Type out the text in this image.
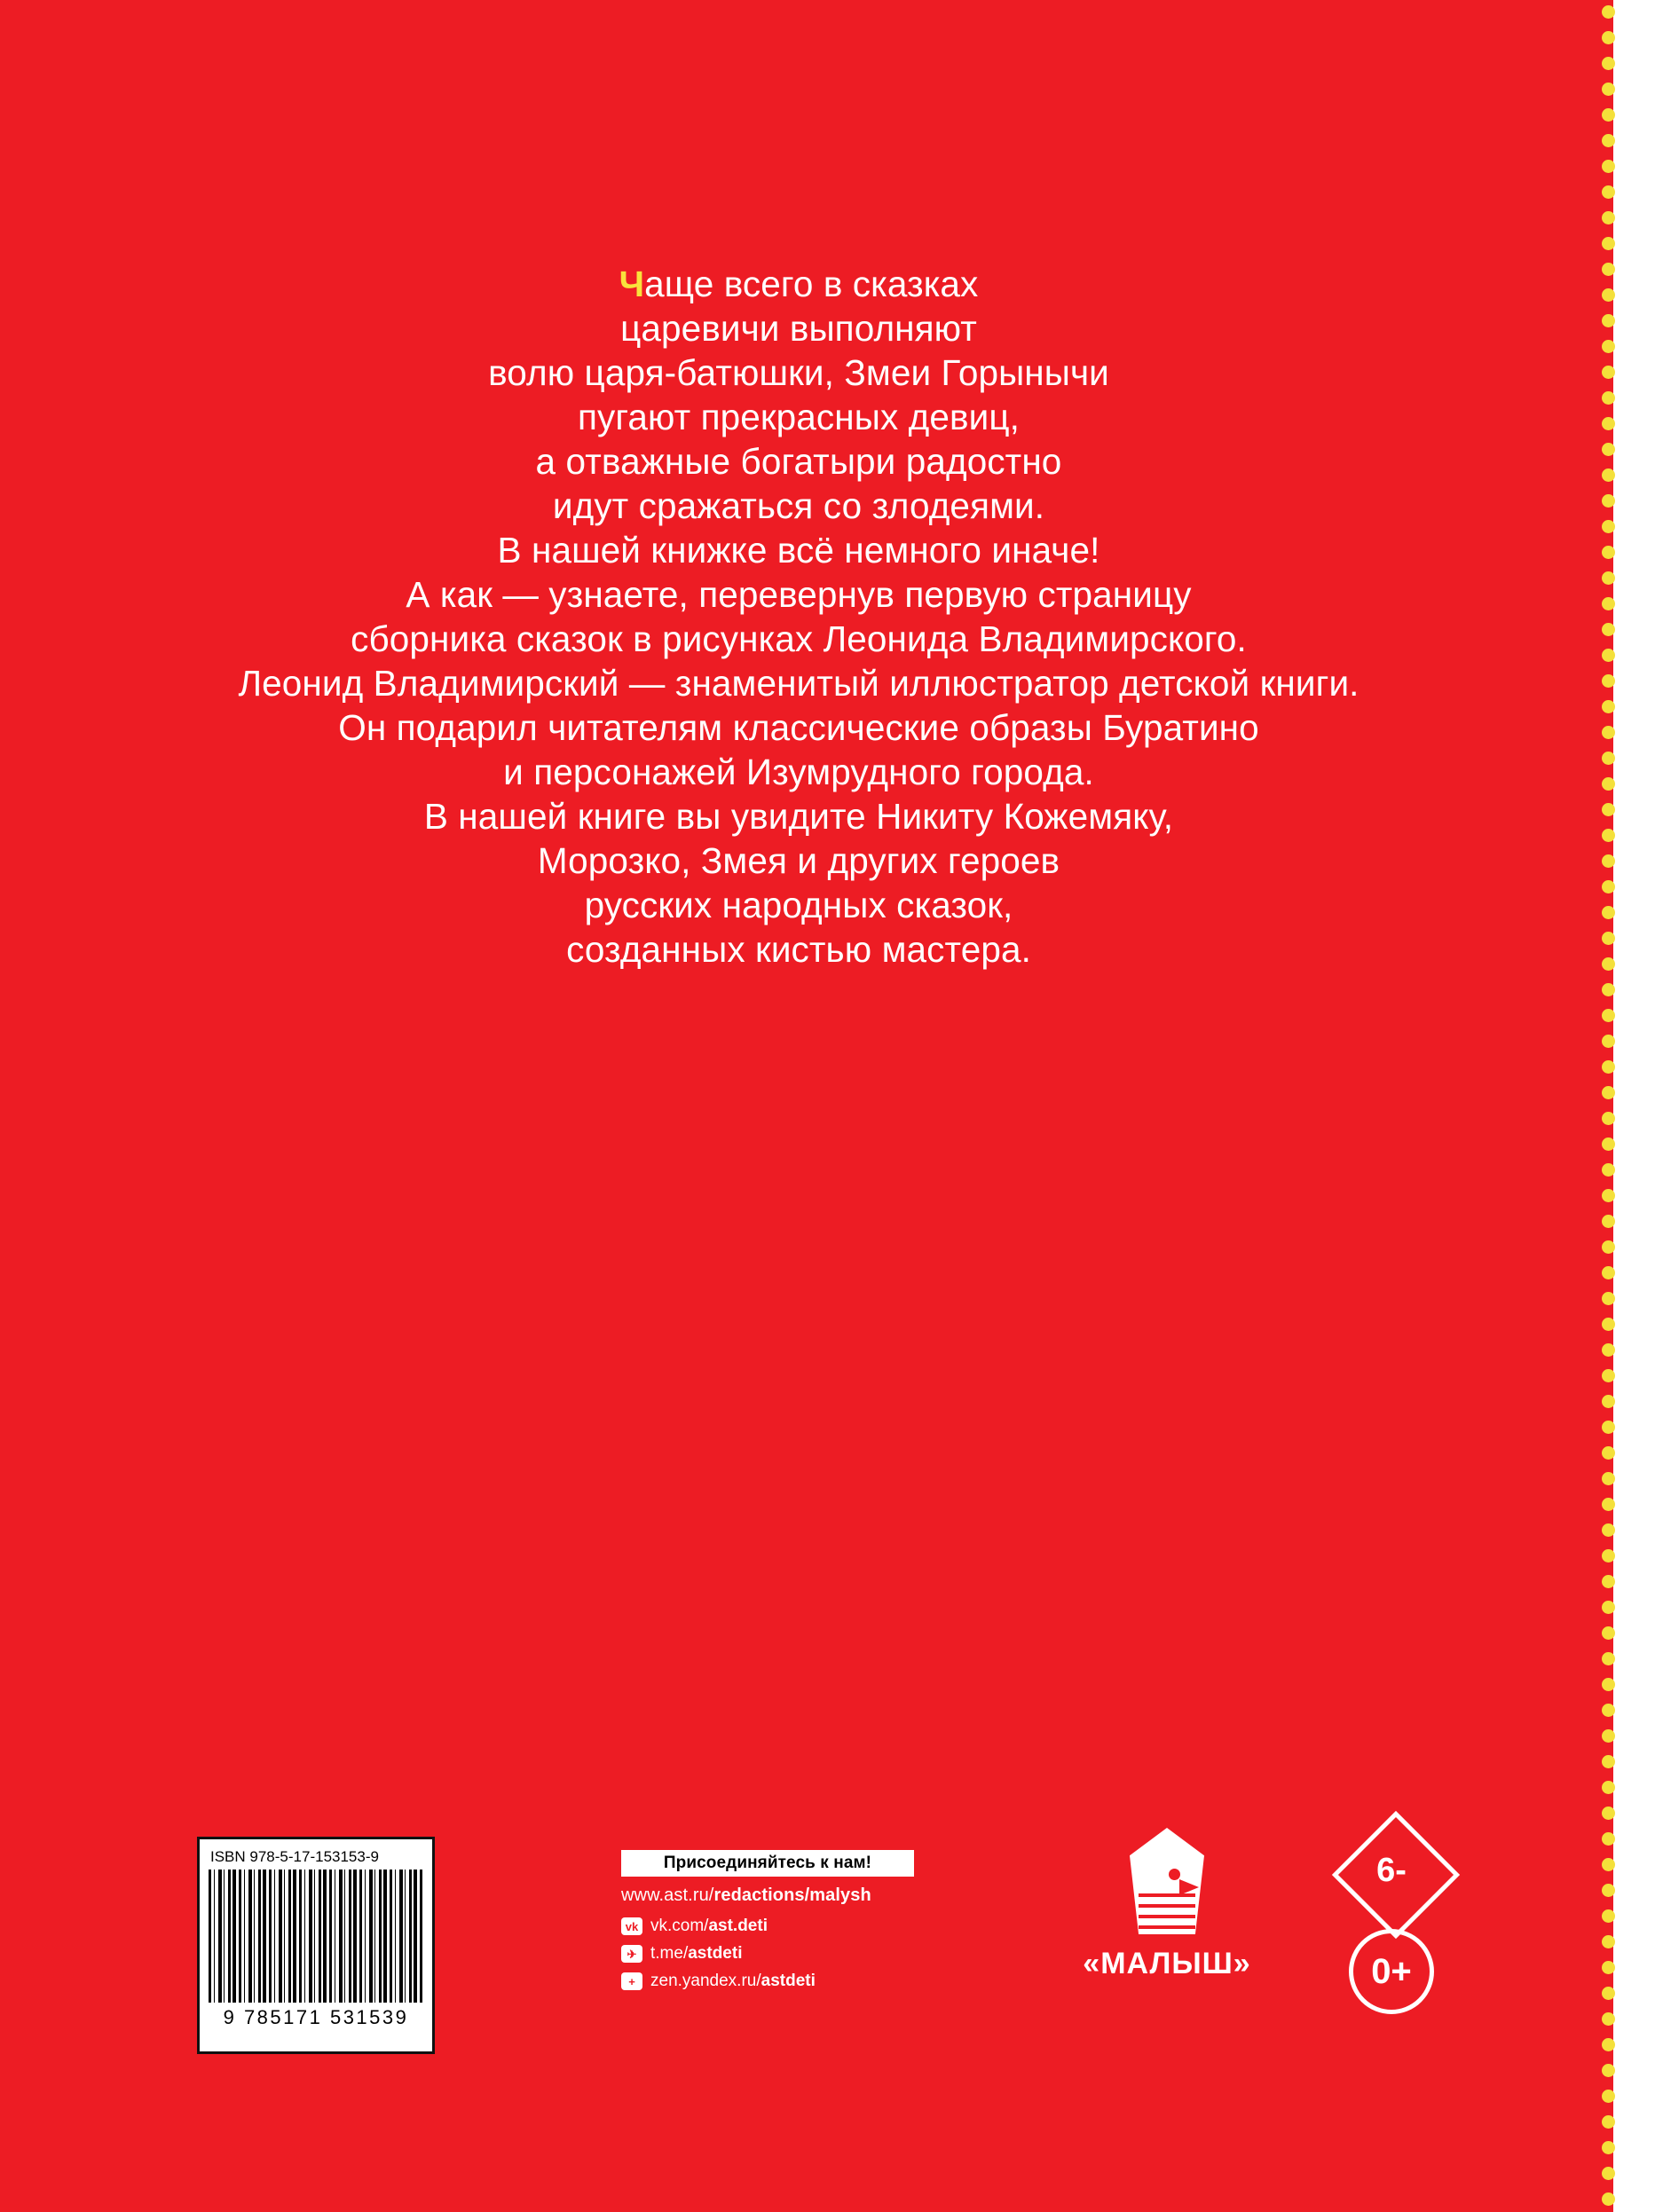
Чаще всего в сказках
царевичи выполняют
волю царя-батюшки, Змеи Горынычи
пугают прекрасных девиц,
а отважные богатыри радостно
идут сражаться со злодеями.
В нашей книжке всё немного иначе!
А как — узнаете, перевернув первую страницу
сборника сказок в рисунках Леонида Владимирского.
Леонид Владимирский — знаменитый иллюстратор детской книги.
Он подарил читателям классические образы Буратино
и персонажей Изумрудного города.
В нашей книге вы увидите Никиту Кожемяку,
Морозко, Змея и других героев
русских народных сказок,
созданных кистью мастера.
ISBN 978-5-17-153153-9
9 785171 531539
Присоединяйтесь к нам!
www.ast.ru/redactions/malysh
vk vk.com/ast.deti
✈ t.me/astdeti
+ zen.yandex.ru/astdeti
«МАЛЫШ»
6-
0+
